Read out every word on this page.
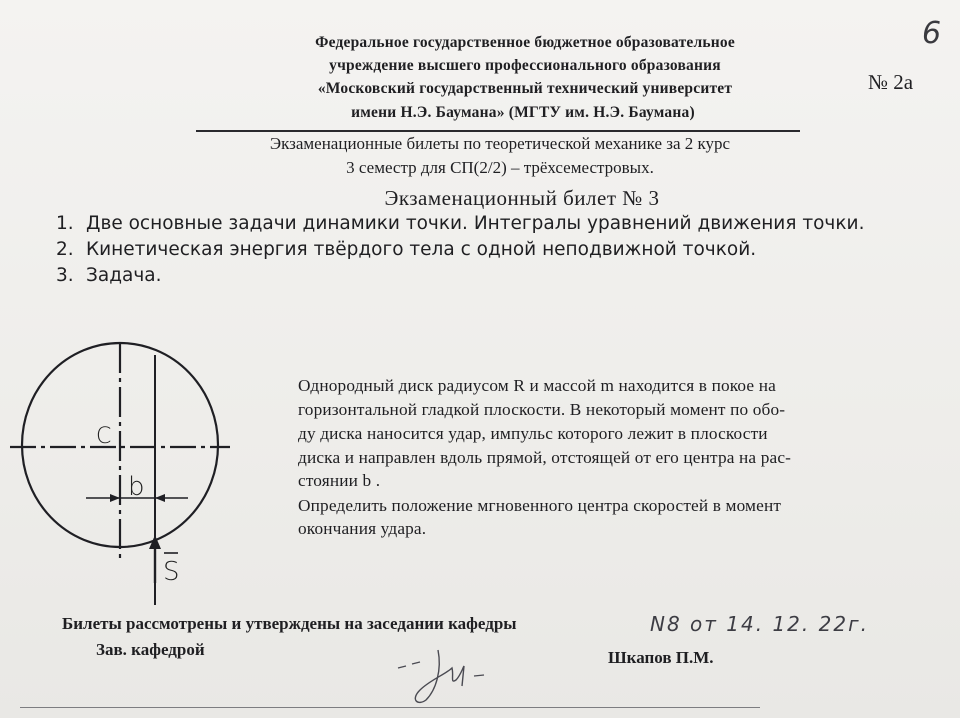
Федеральное государственное бюджетное образовательное
учреждение высшего профессионального образования
«Московский государственный технический университет
имени Н.Э. Баумана» (МГТУ им. Н.Э. Баумана)
№ 2а
6
Экзаменационные билеты по теоретической механике за 2 курс
3 семестр для СП(2/2) – трёхсеместровых.
Экзаменационный билет № 3
1. Две основные задачи динамики точки. Интегралы уравнений движения точки.
2. Кинетическая энергия твёрдого тела с одной неподвижной точкой.
3. Задача.
C
b
S
Однородный диск радиусом R и массой m находится в покое на
горизонтальной гладкой плоскости. В некоторый момент по обо-
ду диска наносится удар, импульс которого лежит в плоскости
диска и направлен вдоль прямой, отстоящей от его центра на рас-
стоянии b .
Определить положение мгновенного центра скоростей в момент
окончания удара.
Билеты рассмотрены и утверждены на заседании кафедры	N8 от 14. 12. 22г.
Зав. кафедрой	Шкапов П.М.
